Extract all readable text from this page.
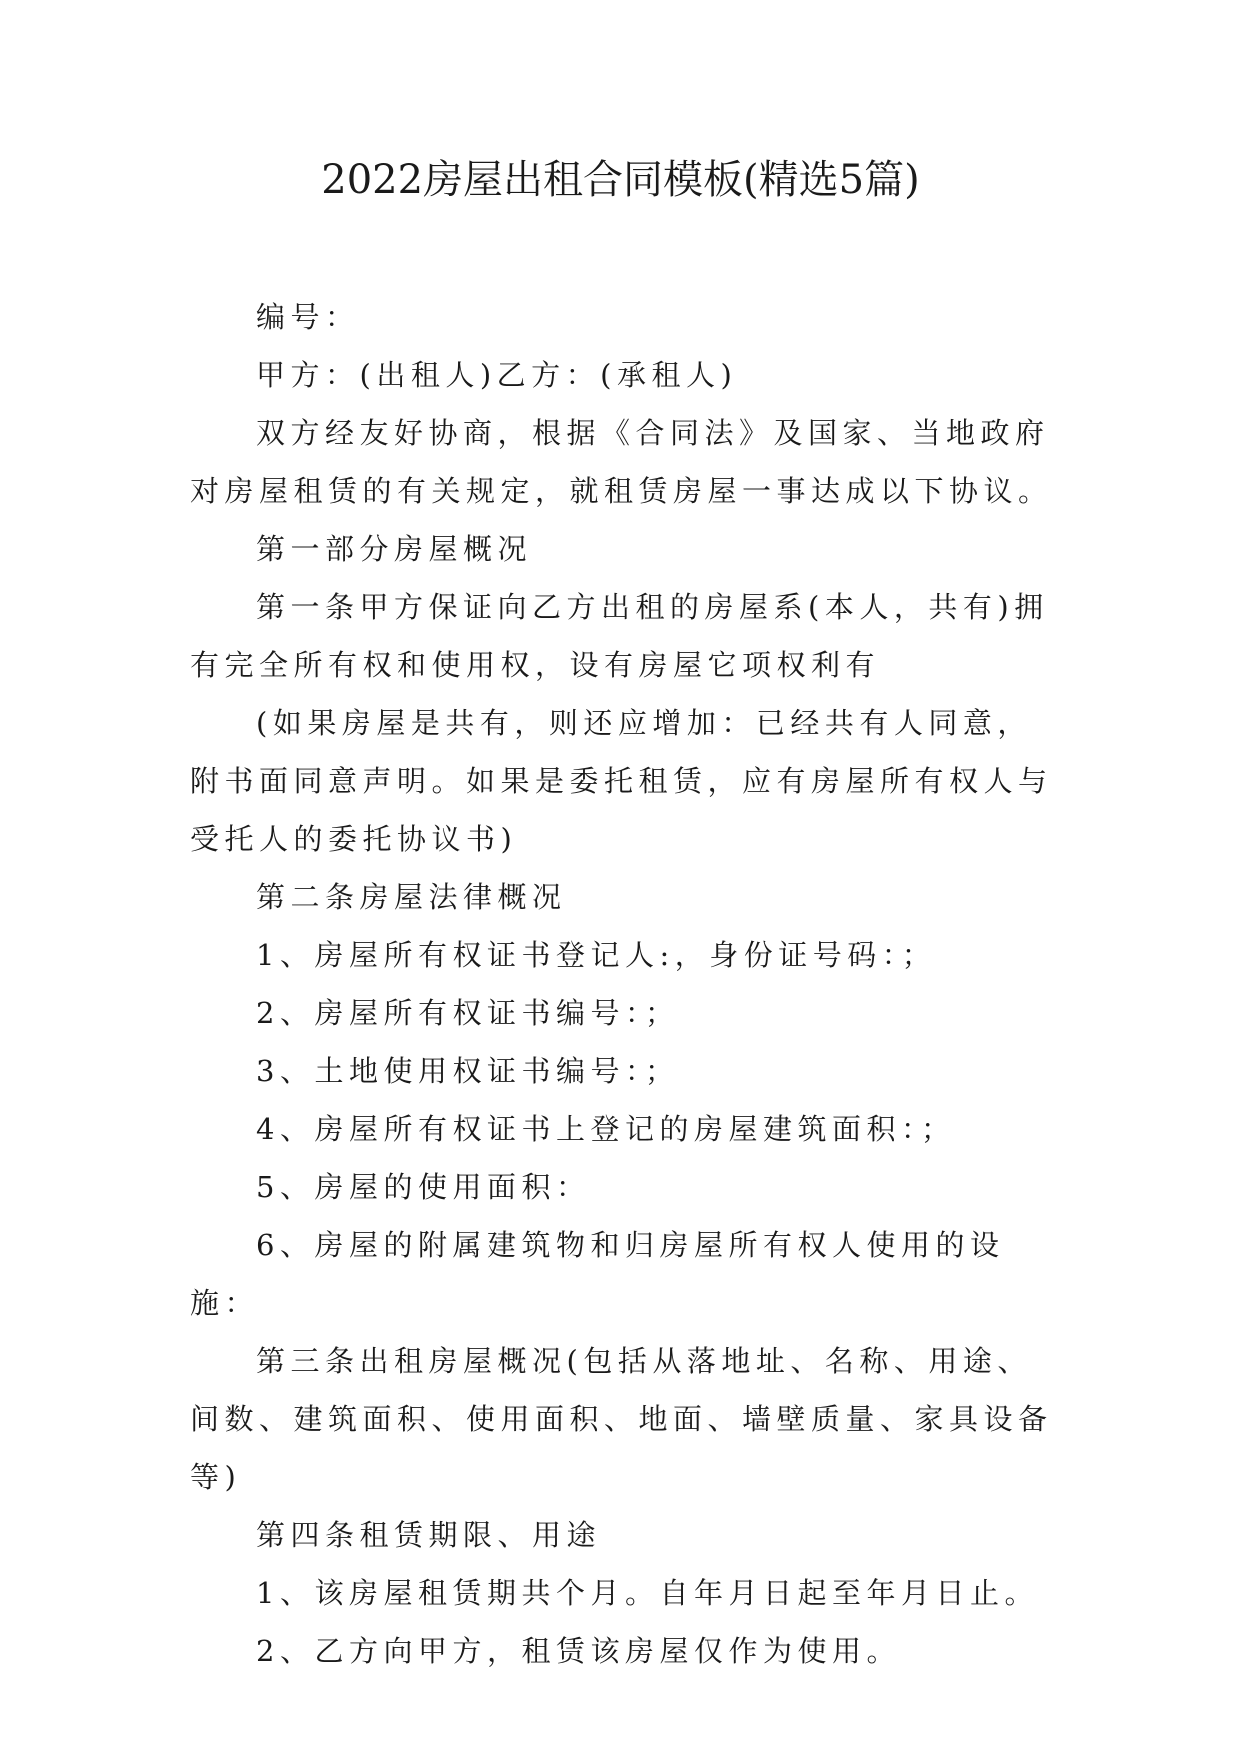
2022房屋出租合同模板(精选5篇)

编号：

甲方：(出租人)乙方：(承租人)

双方经友好协商，根据《合同法》及国家、当地政府对房屋租赁的有关规定，就租赁房屋一事达成以下协议。

第一部分房屋概况

第一条甲方保证向乙方出租的房屋系(本人，共有)拥有完全所有权和使用权，设有房屋它项权利有

(如果房屋是共有，则还应增加：已经共有人同意，附书面同意声明。如果是委托租赁，应有房屋所有权人与受托人的委托协议书)

第二条房屋法律概况

1、房屋所有权证书登记人:，身份证号码：；

2、房屋所有权证书编号：；

3、土地使用权证书编号：；

4、房屋所有权证书上登记的房屋建筑面积：；

5、房屋的使用面积：

6、房屋的附属建筑物和归房屋所有权人使用的设施：

第三条出租房屋概况(包括从落地址、名称、用途、间数、建筑面积、使用面积、地面、墙壁质量、家具设备等)

第四条租赁期限、用途

1、该房屋租赁期共个月。自年月日起至年月日止。

2、乙方向甲方，租赁该房屋仅作为使用。
